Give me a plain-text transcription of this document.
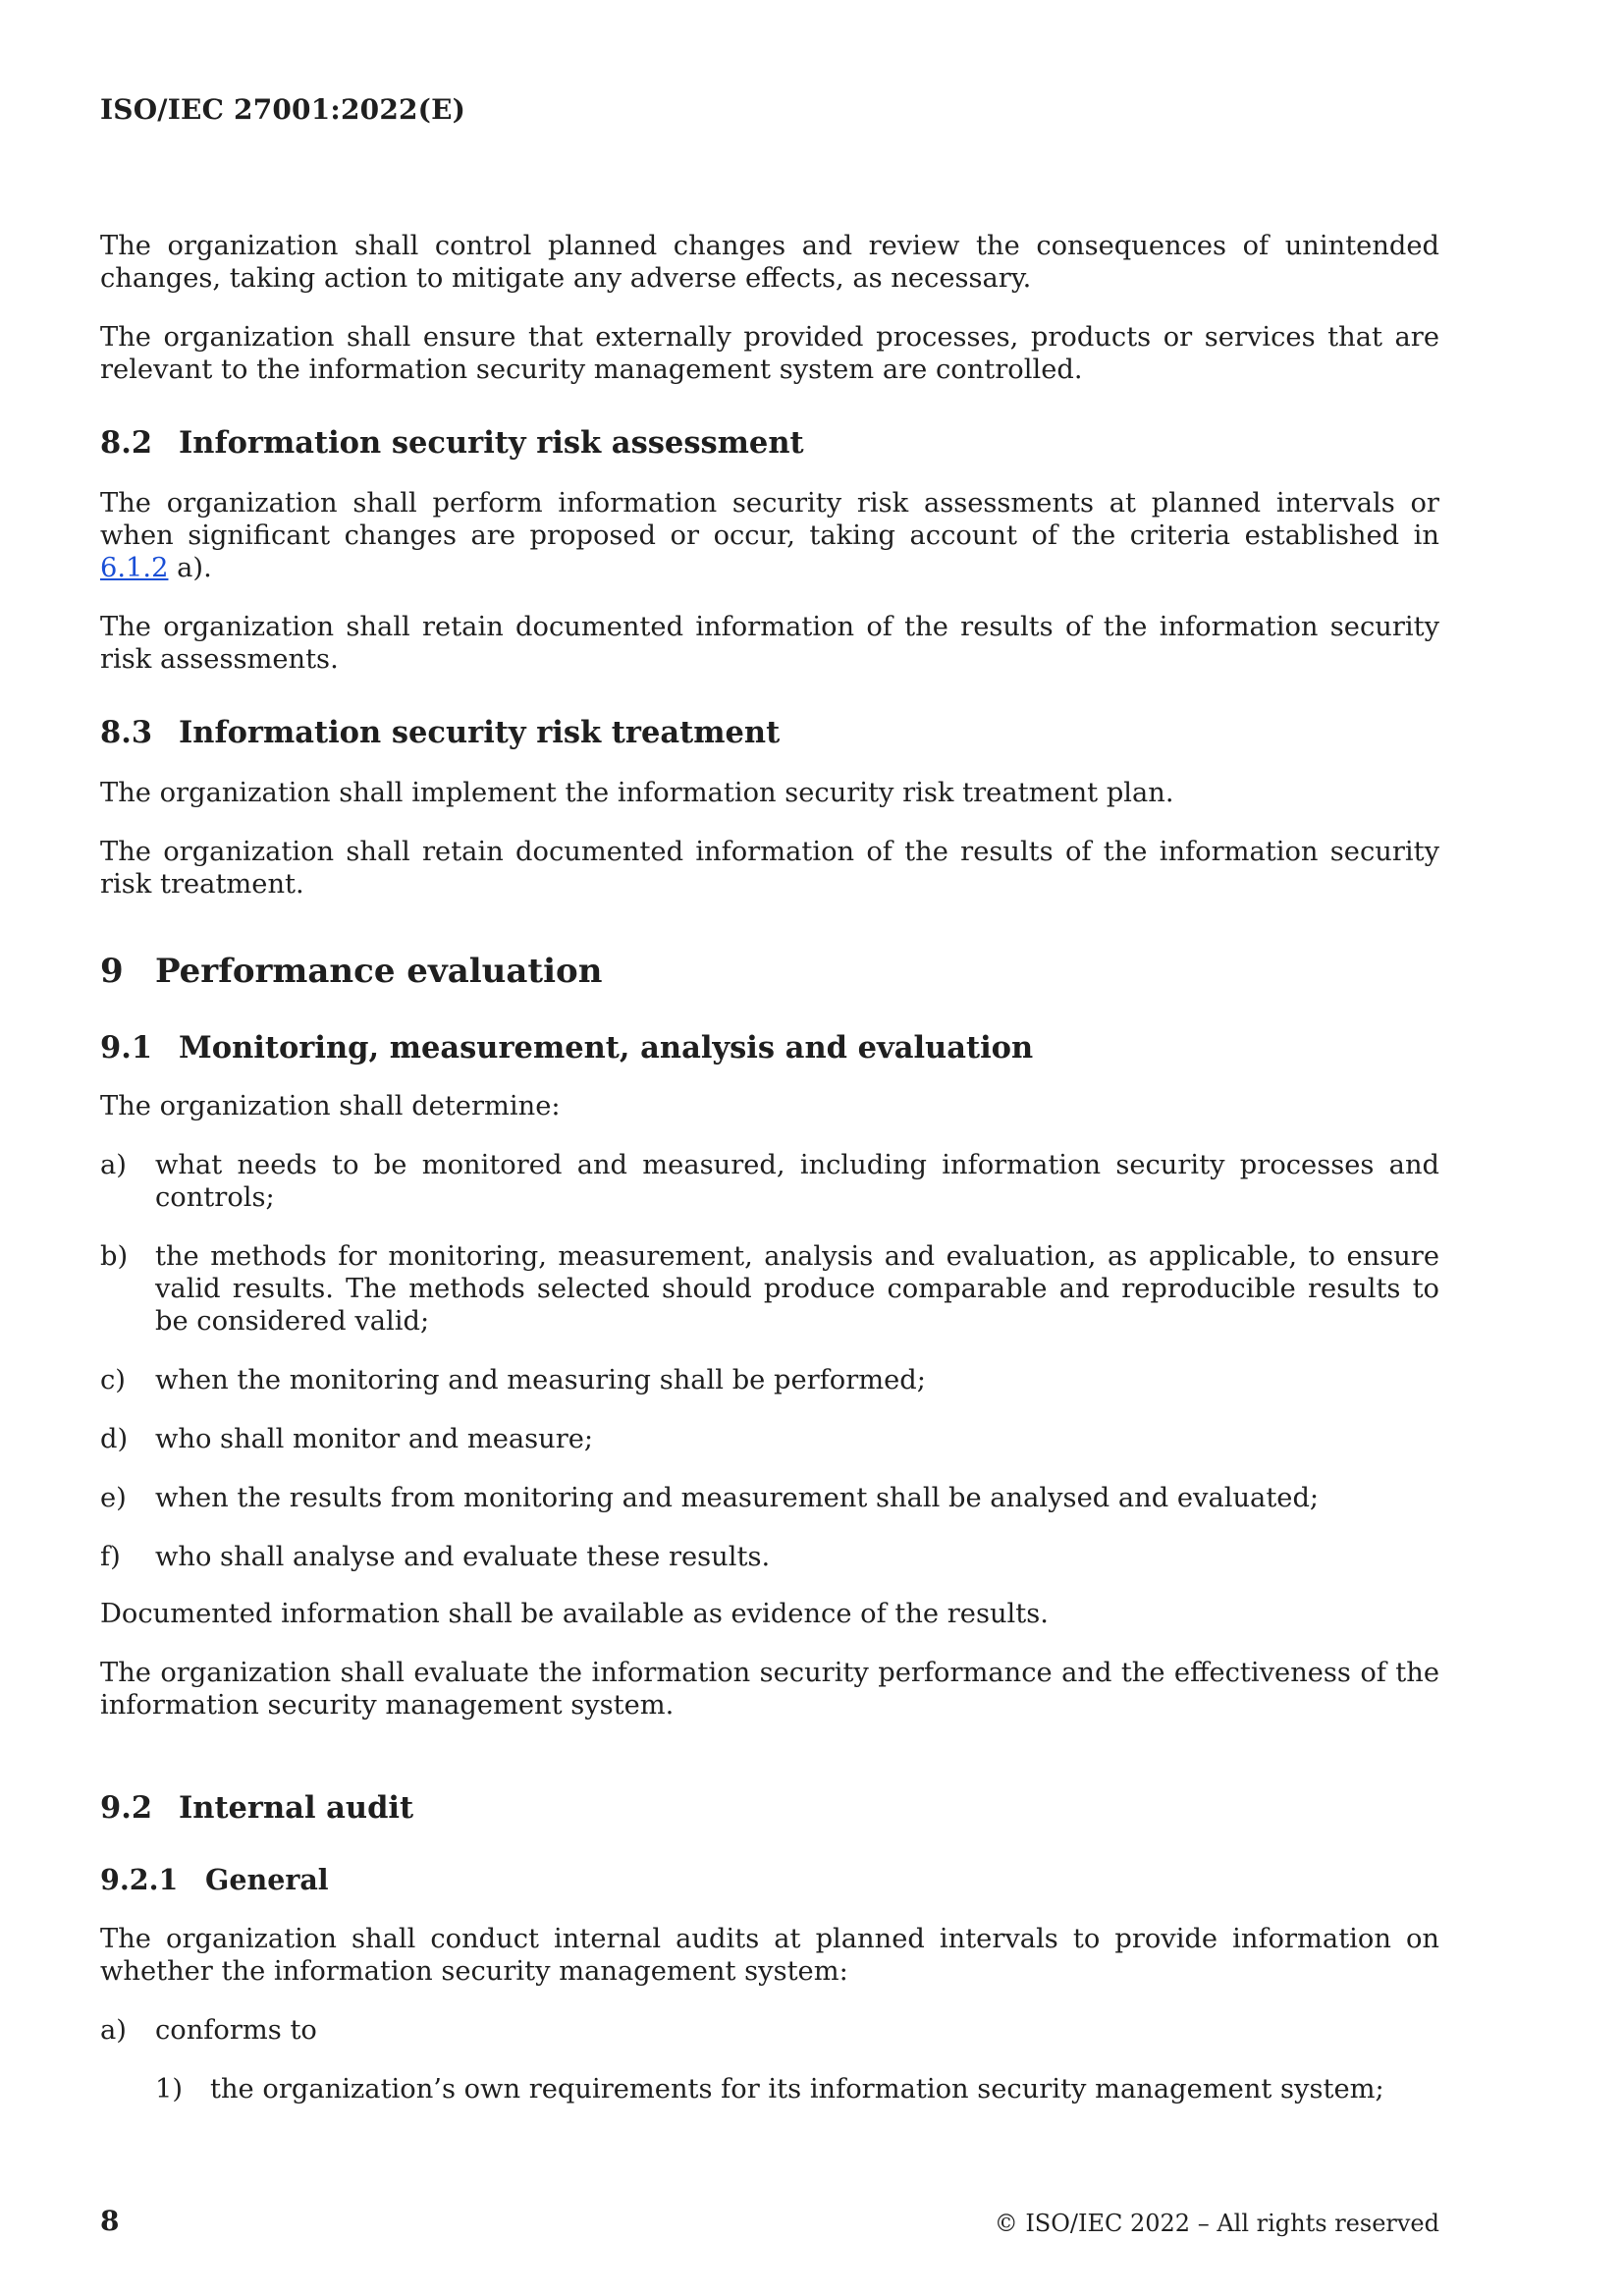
ISO/IEC 27001:2022(E)

The organization shall control planned changes and review the consequences of unintended changes, taking action to mitigate any adverse effects, as necessary.

The organization shall ensure that externally provided processes, products or services that are relevant to the information security management system are controlled.

8.2 Information security risk assessment

The organization shall perform information security risk assessments at planned intervals or when significant changes are proposed or occur, taking account of the criteria established in 6.1.2 a).

The organization shall retain documented information of the results of the information security risk assessments.

8.3 Information security risk treatment

The organization shall implement the information security risk treatment plan.

The organization shall retain documented information of the results of the information security risk treatment.

9 Performance evaluation
9.1 Monitoring, measurement, analysis and evaluation

The organization shall determine:

a)	what needs to be monitored and measured, including information security processes and controls;
b)	the methods for monitoring, measurement, analysis and evaluation, as applicable, to ensure valid results. The methods selected should produce comparable and reproducible results to be considered valid;
c)	when the monitoring and measuring shall be performed;
d)	who shall monitor and measure;
e)	when the results from monitoring and measurement shall be analysed and evaluated;
f)	who shall analyse and evaluate these results.

Documented information shall be available as evidence of the results.

The organization shall evaluate the information security performance and the effectiveness of the information security management system.

9.2 Internal audit
9.2.1 General

The organization shall conduct internal audits at planned intervals to provide information on whether the information security management system:

a)	conforms to
1)	the organization’s own requirements for its information security management system;
8	© ISO/IEC 2022 – All rights reserved
